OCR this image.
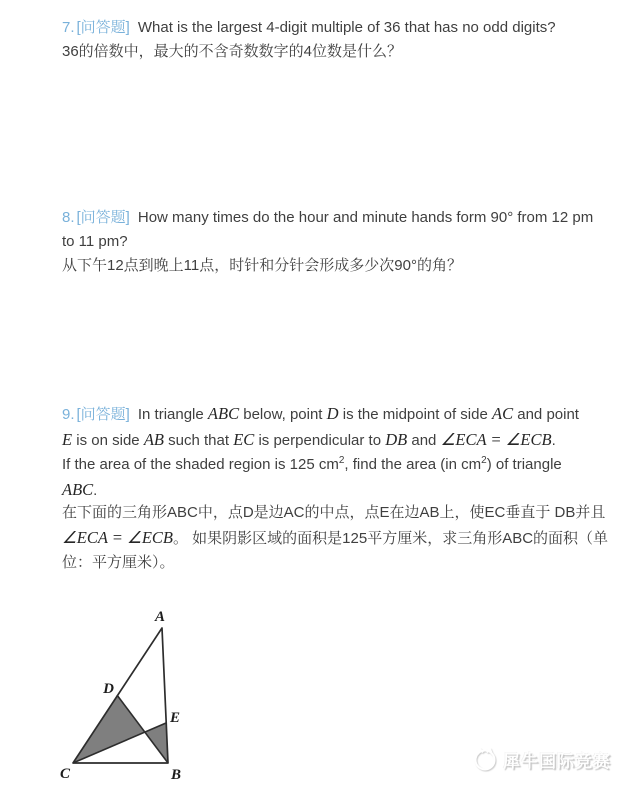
7. [问答题] What is the largest 4-digit multiple of 36 that has no odd digits?
36的倍数中，最大的不含奇数数字的4位数是什么？
8. [问答题] How many times do the hour and minute hands form 90° from 12 pm
to 11 pm?
从下午12点到晚上11点，时针和分针会形成多少次90°的角？
9. [问答题] In triangle ABC below, point D is the midpoint of side AC and point
E is on side AB such that EC is perpendicular to DB and ∠ECA = ∠ECB.
If the area of the shaded region is 125 $cm^2$, find the area (in $cm^2$) of triangle
ABC.
在下面的三角形ABC中，点D是边AC的中点，点E在边AB上，使EC垂直于 DB并且
∠ECA = ∠ECB。 如果阴影区域的面积是125平方厘米，求三角形ABC的面积（单
位：平方厘米）。
A
D
E
C	B
犀牛国际竞赛
